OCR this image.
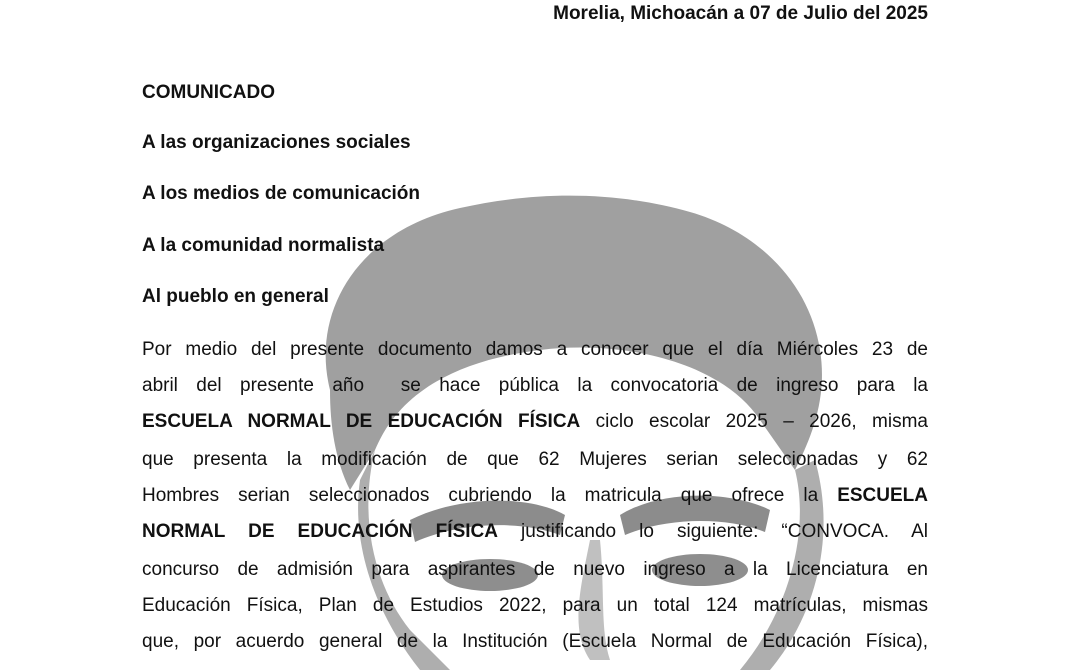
Morelia, Michoacán a 07 de Julio del 2025

COMUNICADO

A las organizaciones sociales

A los medios de comunicación

A la comunidad normalista

Al pueblo en general

Por medio del presente documento damos a conocer que el día Miércoles 23 de

abril del presente año  se hace pública la convocatoria de ingreso para la

ESCUELA NORMAL DE EDUCACIÓN FÍSICA ciclo escolar 2025 – 2026, misma

que presenta la modificación de que 62 Mujeres serian seleccionadas y 62

Hombres serian seleccionados cubriendo la matricula que ofrece la ESCUELA

NORMAL DE EDUCACIÓN FÍSICA justificando lo siguiente: “CONVOCA. Al

concurso de admisión para aspirantes de nuevo ingreso a la Licenciatura en

Educación Física, Plan de Estudios 2022, para un total 124 matrículas, mismas

que, por acuerdo general de la Institución (Escuela Normal de Educación Física),
